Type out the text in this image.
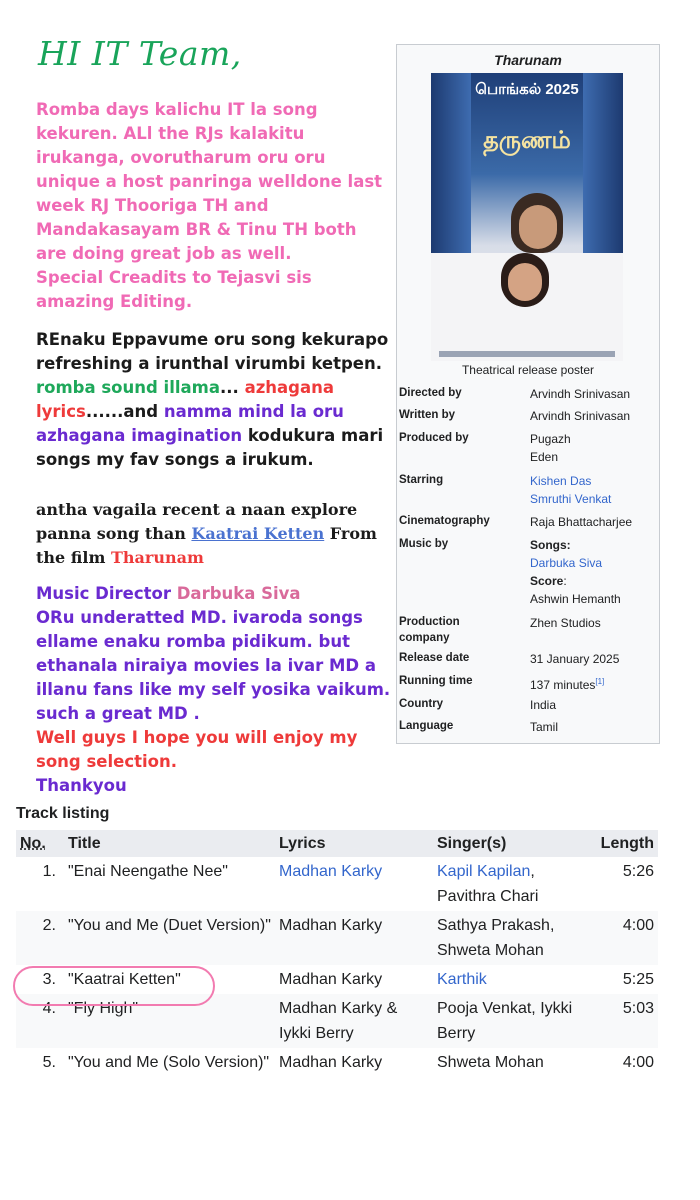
HI IT Team,
Romba days kalichu IT la song kekuren. ALl the RJs kalakitu irukanga, ovorutharum oru oru unique a host panringa welldone last week RJ Thooriga TH and Mandakasayam BR & Tinu TH both are doing great job as well.
Special Creadits to Tejasvi sis amazing Editing.
REnaku Eppavume oru song kekurapo refreshing a irunthal virumbi ketpen. romba sound illama... azhagana lyrics......and namma mind la oru azhagana imagination kodukura mari songs my fav songs a irukum.
antha vagaila recent a naan explore panna song than Kaatrai Ketten From the film Tharunam
Music Director Darbuka Siva
ORu underatted MD. ivaroda songs ellame enaku romba pidikum. but ethanala niraiya movies la ivar MD a illanu fans like my self yosika vaikum. such a great MD .
Well guys I hope you will enjoy my song selection.
Thankyou
Tharunam
பொங்கல் 2025
தருணம்
Theatrical release poster
Directed by	Arvindh Srinivasan
Written by	Arvindh Srinivasan
Produced by	Pugazh
Eden
Starring	Kishen Das
Smruthi Venkat
Cinematography	Raja Bhattacharjee
Music by	Songs:
Darbuka Siva
Score:
Ashwin Hemanth
Production company
Zhen Studios
Release date	31 January 2025
Running time	137 minutes[1]
Country	India
Language	Tamil
Track listing
No.	Title	Lyrics	Singer(s)	Length
1.	"Enai Neengathe Nee"	Madhan Karky	Kapil Kapilan, Pavithra Chari	5:26
2.	"You and Me (Duet Version)"	Madhan Karky	Sathya Prakash, Shweta Mohan	4:00
3.	"Kaatrai Ketten"	Madhan Karky	Karthik	5:25
4.	"Fly High"	Madhan Karky & Iykki Berry	Pooja Venkat, Iykki Berry	5:03
5.	"You and Me (Solo Version)"	Madhan Karky	Shweta Mohan	4:00
